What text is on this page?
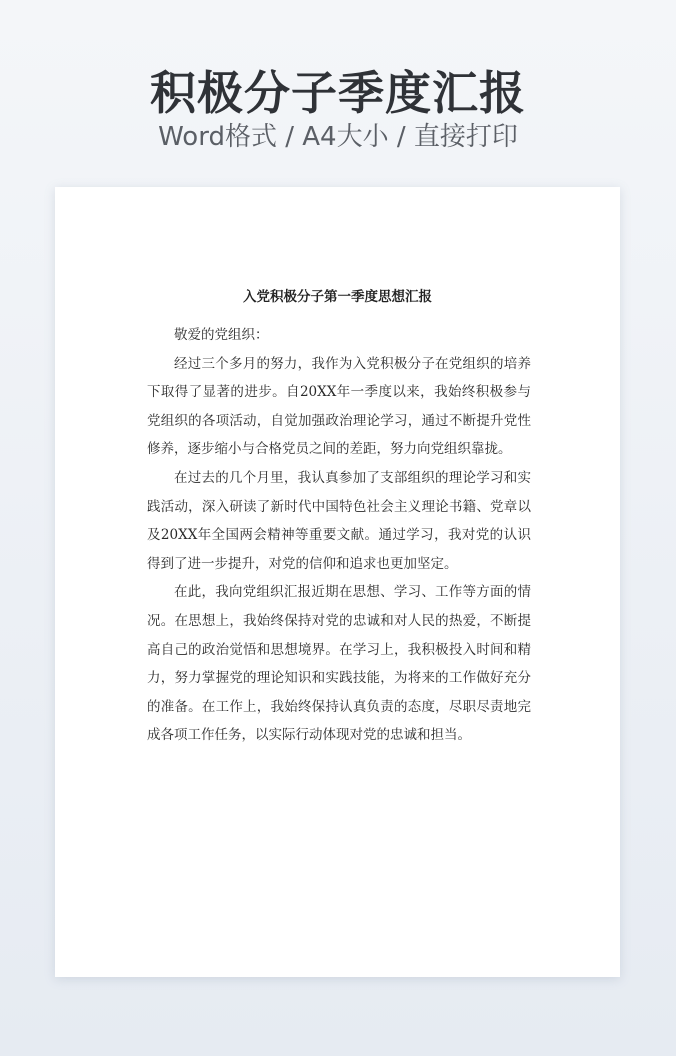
积极分子季度汇报
Word格式 / A4大小 / 直接打印
入党积极分子第一季度思想汇报

敬爱的党组织：

经过三个多月的努力，我作为入党积极分子在党组织的培养下取得了显著的进步。自20XX年一季度以来，我始终积极参与党组织的各项活动，自觉加强政治理论学习，通过不断提升党性修养，逐步缩小与合格党员之间的差距，努力向党组织靠拢。

在过去的几个月里，我认真参加了支部组织的理论学习和实践活动，深入研读了新时代中国特色社会主义理论书籍、党章以及20XX年全国两会精神等重要文献。通过学习，我对党的认识得到了进一步提升，对党的信仰和追求也更加坚定。

在此，我向党组织汇报近期在思想、学习、工作等方面的情况。在思想上，我始终保持对党的忠诚和对人民的热爱，不断提高自己的政治觉悟和思想境界。在学习上，我积极投入时间和精力，努力掌握党的理论知识和实践技能，为将来的工作做好充分的准备。在工作上，我始终保持认真负责的态度，尽职尽责地完成各项工作任务，以实际行动体现对党的忠诚和担当。
